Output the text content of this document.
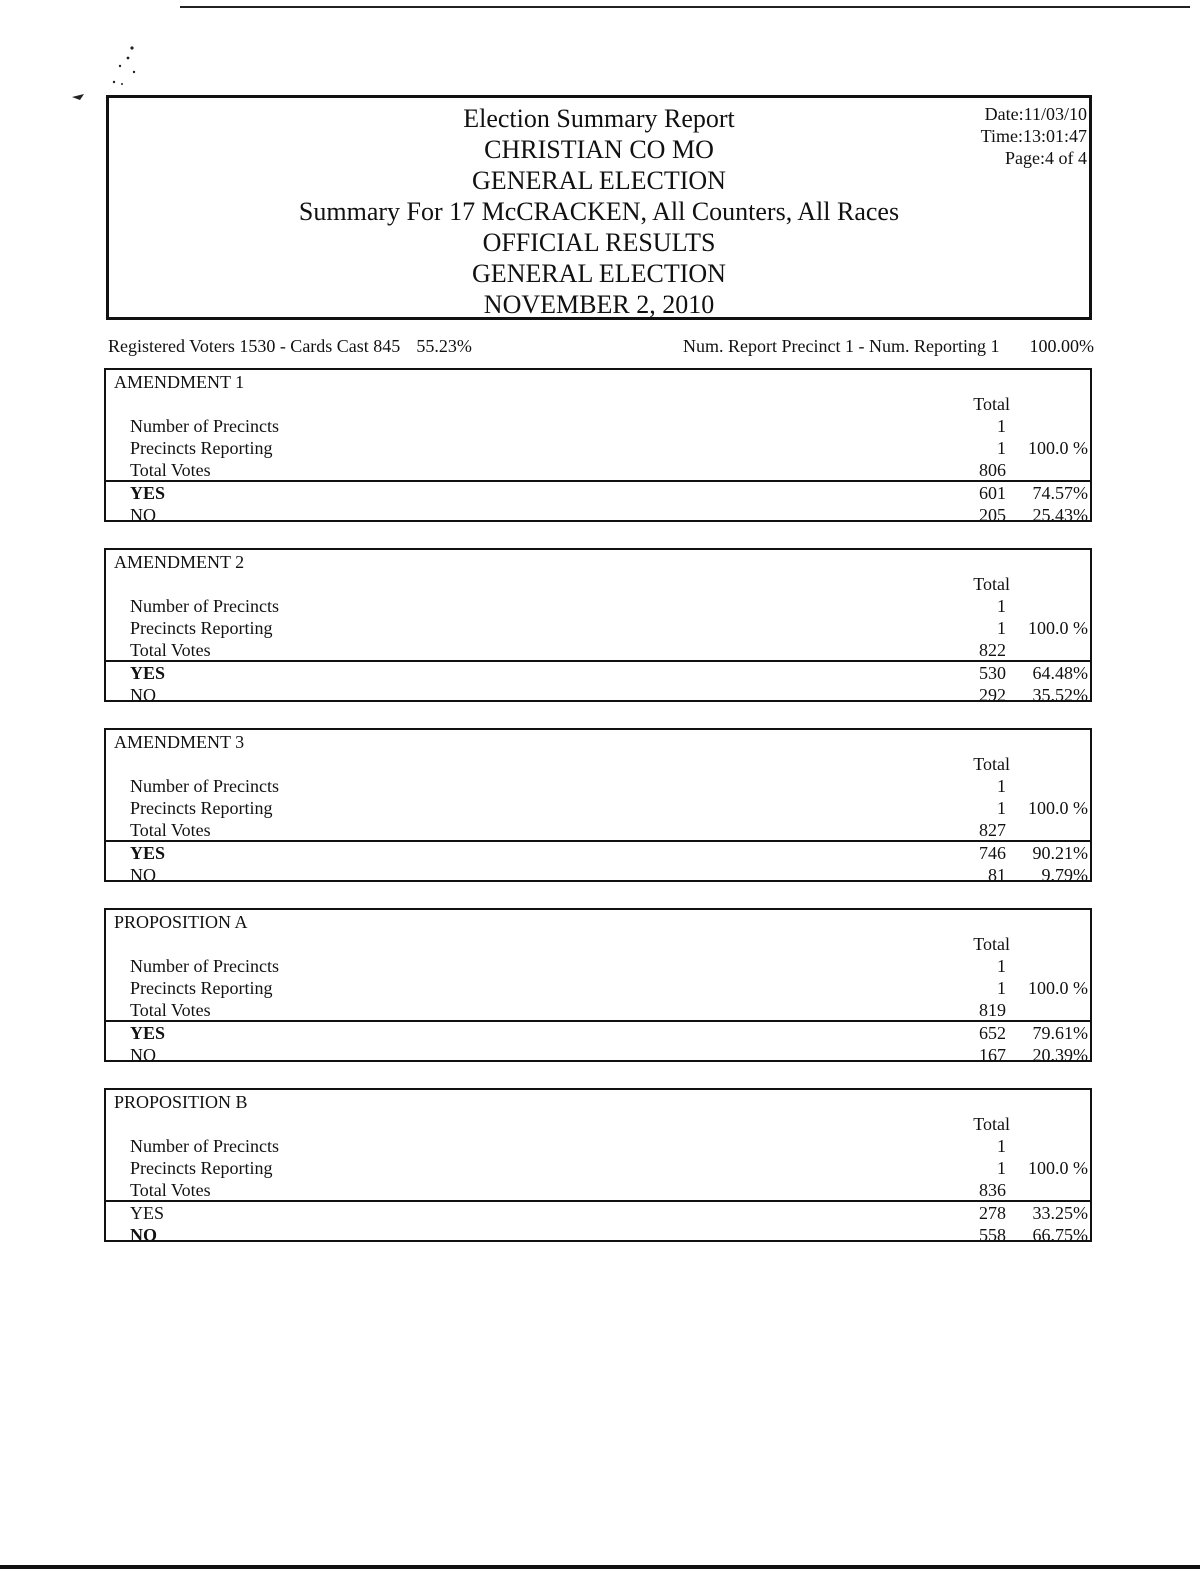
Election Summary Report
CHRISTIAN CO MO
GENERAL ELECTION
Summary For 17 McCRACKEN, All Counters, All Races
OFFICIAL RESULTS
GENERAL ELECTION
NOVEMBER 2, 2010
Date:11/03/10
Time:13:01:47
Page:4 of 4
Registered Voters 1530 - Cards Cast 845 55.23%	Num. Report Precinct 1 - Num. Reporting 1 100.00%
AMENDMENT 1
Total
Number of Precincts	1
Precincts Reporting	1	100.0 %
Total Votes	806
YES	601	74.57%
NO	205	25.43%
AMENDMENT 2
Total
Number of Precincts	1
Precincts Reporting	1	100.0 %
Total Votes	822
YES	530	64.48%
NO	292	35.52%
AMENDMENT 3
Total
Number of Precincts	1
Precincts Reporting	1	100.0 %
Total Votes	827
YES	746	90.21%
NO	81	9.79%
PROPOSITION A
Total
Number of Precincts	1
Precincts Reporting	1	100.0 %
Total Votes	819
YES	652	79.61%
NO	167	20.39%
PROPOSITION B
Total
Number of Precincts	1
Precincts Reporting	1	100.0 %
Total Votes	836
YES	278	33.25%
NO	558	66.75%
